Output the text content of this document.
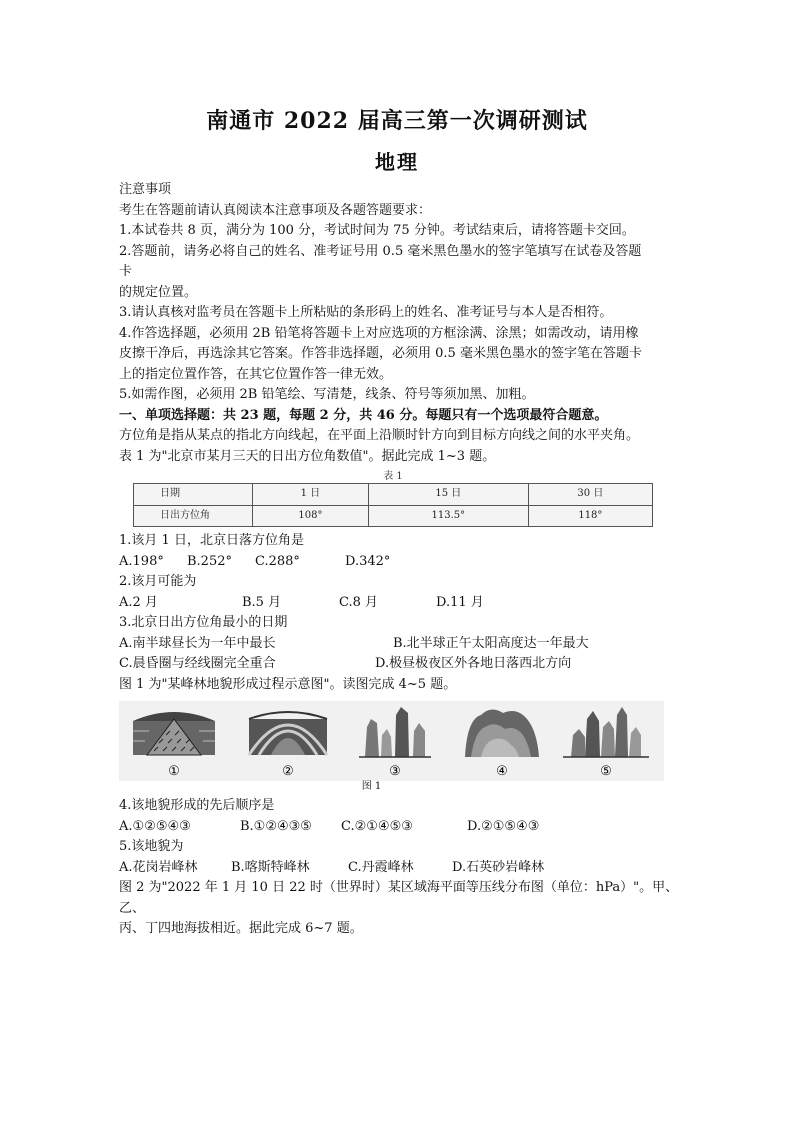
南通市 2022 届高三第一次调研测试
地理
注意事项
考生在答题前请认真阅读本注意事项及各题答题要求：
1.本试卷共 8 页，满分为 100 分，考试时间为 75 分钟。考试结束后，请将答题卡交回。
2.答题前，请务必将自己的姓名、准考证号用 0.5 毫米黑色墨水的签字笔填写在试卷及答题
卡
的规定位置。
3.请认真核对监考员在答题卡上所粘贴的条形码上的姓名、准考证号与本人是否相符。
4.作答选择题，必须用 2B 铅笔将答题卡上对应选项的方框涂满、涂黑；如需改动，请用橡
皮擦干净后，再选涂其它答案。作答非选择题，必须用 0.5 毫米黑色墨水的签字笔在答题卡
上的指定位置作答，在其它位置作答一律无效。
5.如需作图，必须用 2B 铅笔绘、写清楚，线条、符号等须加黑、加粗。
一、单项选择题：共 23 题，每题 2 分，共 46 分。每题只有一个选项最符合题意。
方位角是指从某点的指北方向线起，在平面上沿顺时针方向到目标方向线之间的水平夹角。
表 1 为"北京市某月三天的日出方位角数值"。据此完成 1~3 题。
表 1
日期	1 日	15 日	30 日
日出方位角	108°	113.5°	118°
1.该月 1 日，北京日落方位角是
A.198°	B.252°	C.288°	D.342°
2.该月可能为
A.2 月	B.5 月	C.8 月	D.11 月
3.北京日出方位角最小的日期
A.南半球昼长为一年中最长	B.北半球正午太阳高度达一年最大
C.晨昏圈与经线圈完全重合	D.极昼极夜区外各地日落西北方向
图 1 为"某峰林地貌形成过程示意图"。读图完成 4~5 题。
①	②	③	④	⑤
图 1
4.该地貌形成的先后顺序是
A.①②⑤④③	B.①②④③⑤	C.②①④⑤③	D.②①⑤④③
5.该地貌为
A.花岗岩峰林	B.喀斯特峰林	C.丹霞峰林	D.石英砂岩峰林
图 2 为"2022 年 1 月 10 日 22 时（世界时）某区域海平面等压线分布图（单位：hPa）"。甲、
乙、
丙、丁四地海拔相近。据此完成 6~7 题。
